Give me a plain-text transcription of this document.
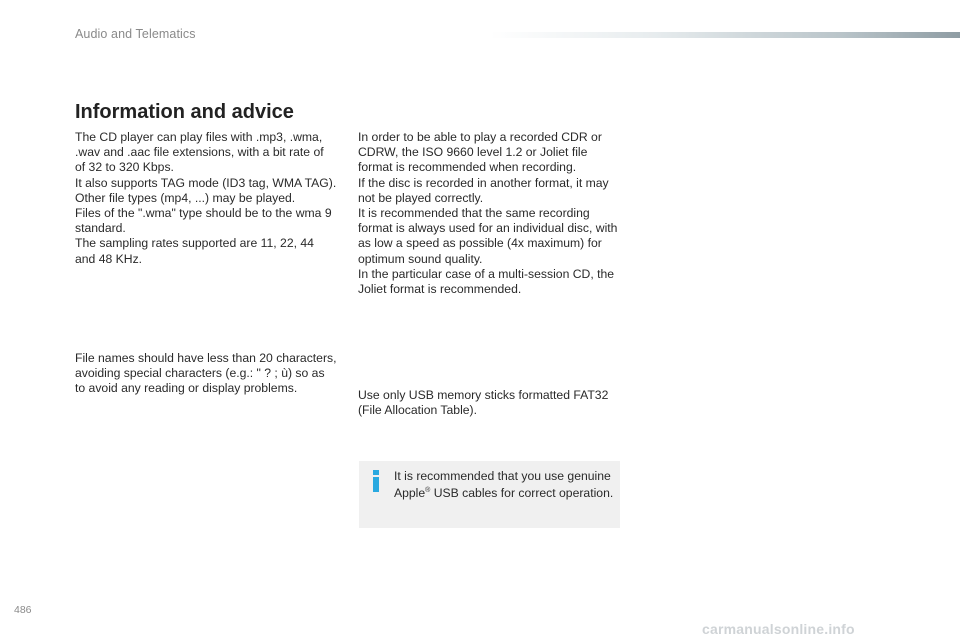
Audio and Telematics
Information and advice
The CD player can play files with .mp3, .wma, .wav and .aac file extensions, with a bit rate of of 32 to 320 Kbps.
It also supports TAG mode (ID3 tag, WMA TAG).
Other file types (mp4, ...) may be played.
Files of the ".wma" type should be to the wma 9 standard.
The sampling rates supported are 11, 22, 44 and 48 KHz.
File names should have less than 20 characters, avoiding special characters (e.g.: " ? ; ù) so as to avoid any reading or display problems.
In order to be able to play a recorded CDR or CDRW, the ISO 9660 level 1.2 or Joliet file format is recommended when recording.
If the disc is recorded in another format, it may not be played correctly.
It is recommended that the same recording format is always used for an individual disc, with as low a speed as possible (4x maximum) for optimum sound quality.
In the particular case of a multi-session CD, the Joliet format is recommended.
Use only USB memory sticks formatted FAT32 (File Allocation Table).

It is recommended that you use genuine Apple® USB cables for correct operation.

486
carmanualsonline.info
